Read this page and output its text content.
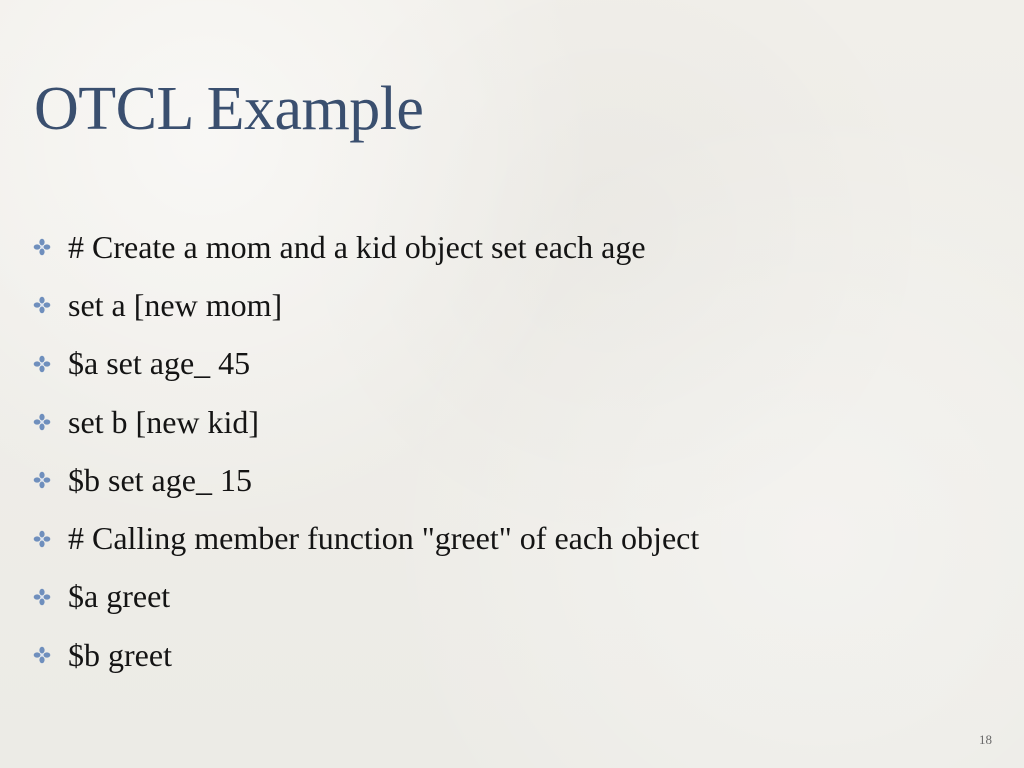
OTCL Example
# Create a mom and a kid object set each age
set a [new mom]
$a set age_ 45
set b [new kid]
$b set age_ 15
# Calling member function "greet" of each object
$a greet
$b greet
18
